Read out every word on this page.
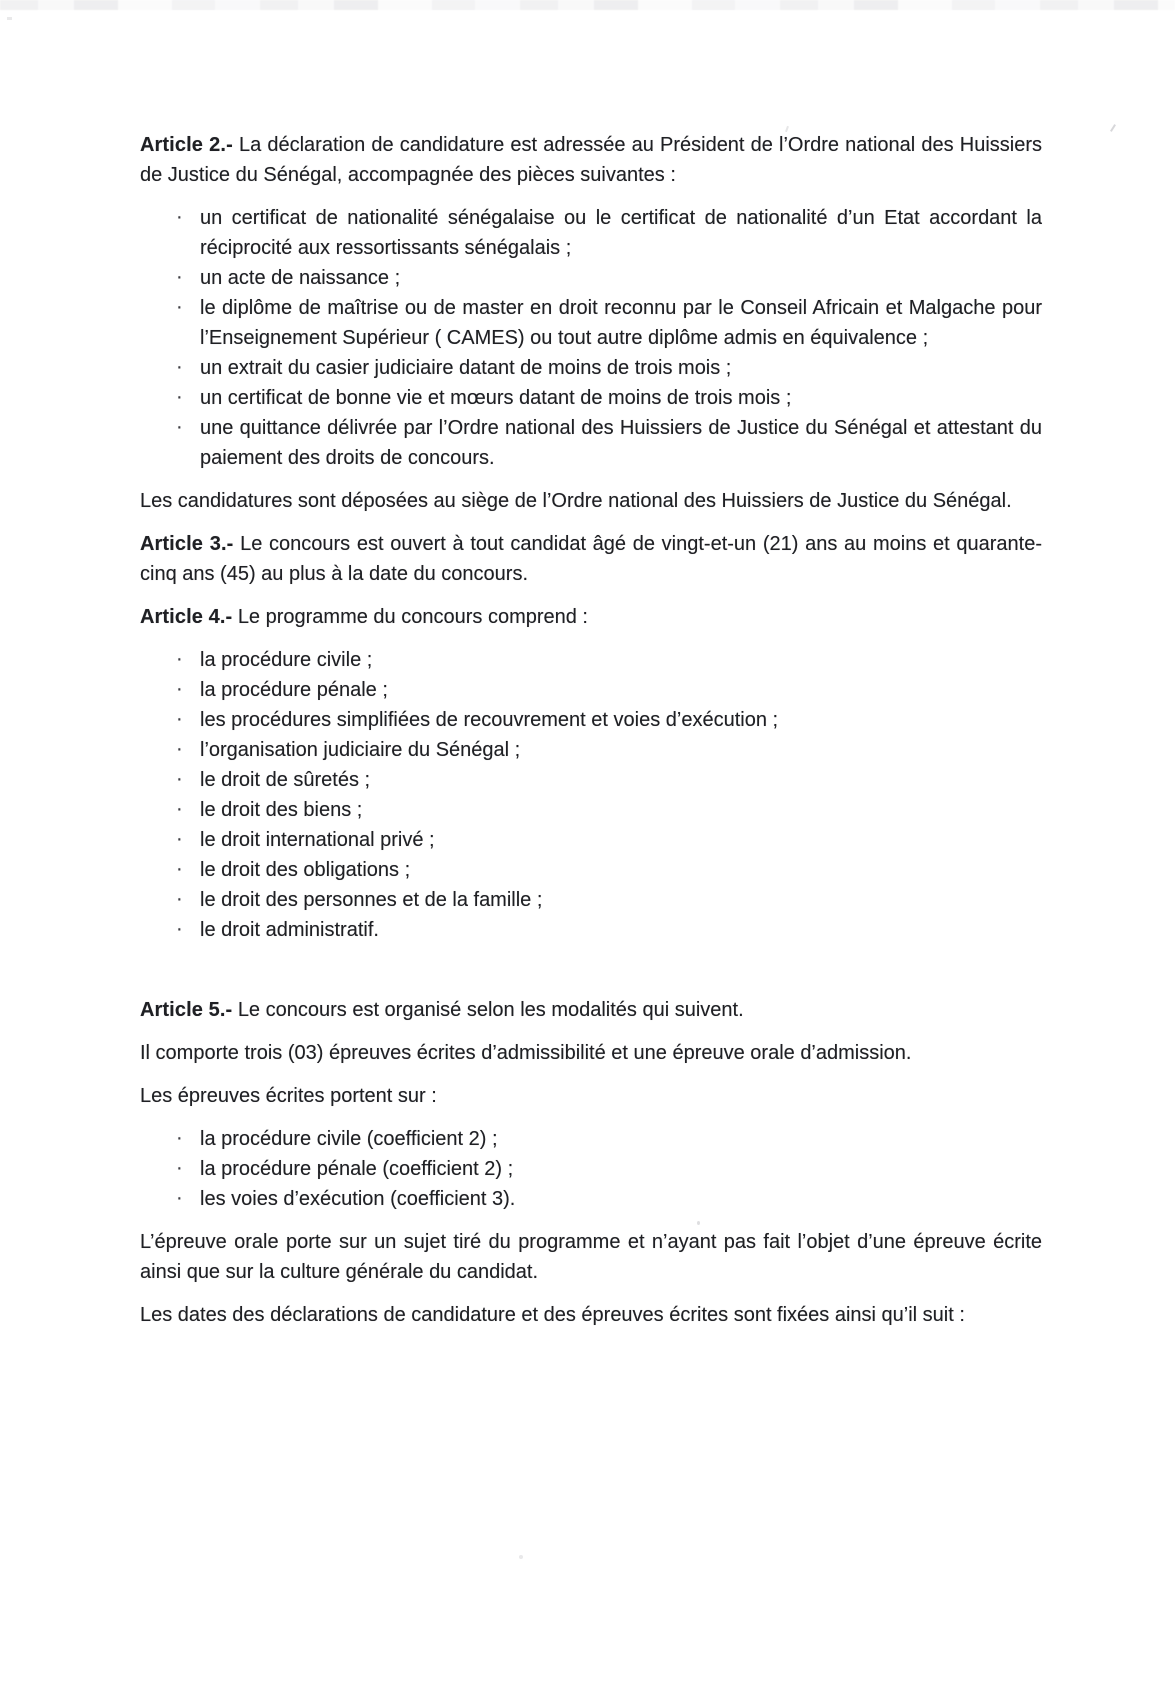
Article 2.- La déclaration de candidature est adressée au Président de l’Ordre national des Huissiers de Justice du Sénégal, accompagnée des pièces suivantes :

· un certificat de nationalité sénégalaise ou le certificat de nationalité d’un Etat accordant la réciprocité aux ressortissants sénégalais ;
· un acte de naissance ;
· le diplôme de maîtrise ou de master en droit reconnu par le Conseil Africain et Malgache pour l’Enseignement Supérieur ( CAMES) ou tout autre diplôme admis en équivalence ;
· un extrait du casier judiciaire datant de moins de trois mois ;
· un certificat de bonne vie et mœurs datant de moins de trois mois ;
· une quittance délivrée par l’Ordre national des Huissiers de Justice du Sénégal et attestant du paiement des droits de concours.

Les candidatures sont déposées au siège de l’Ordre national des Huissiers de Justice du Sénégal.

Article 3.- Le concours est ouvert à tout candidat âgé de vingt-et-un (21) ans au moins et quarante-cinq ans (45) au plus à la date du concours.

Article 4.- Le programme du concours comprend :

· la procédure civile ;
· la procédure pénale ;
· les procédures simplifiées de recouvrement et voies d’exécution ;
· l’organisation judiciaire du Sénégal ;
· le droit de sûretés ;
· le droit des biens ;
· le droit international privé ;
· le droit des obligations ;
· le droit des personnes et de la famille ;
· le droit administratif.

Article 5.- Le concours est organisé selon les modalités qui suivent.

Il comporte trois (03) épreuves écrites d’admissibilité et une épreuve orale d’admission.

Les épreuves écrites portent sur :

· la procédure civile (coefficient 2) ;
· la procédure pénale (coefficient 2) ;
· les voies d’exécution (coefficient 3).

L’épreuve orale porte sur un sujet tiré du programme et n’ayant pas fait l’objet d’une épreuve écrite ainsi que sur la culture générale du candidat.

Les dates des déclarations de candidature et des épreuves écrites sont fixées ainsi qu’il suit :
